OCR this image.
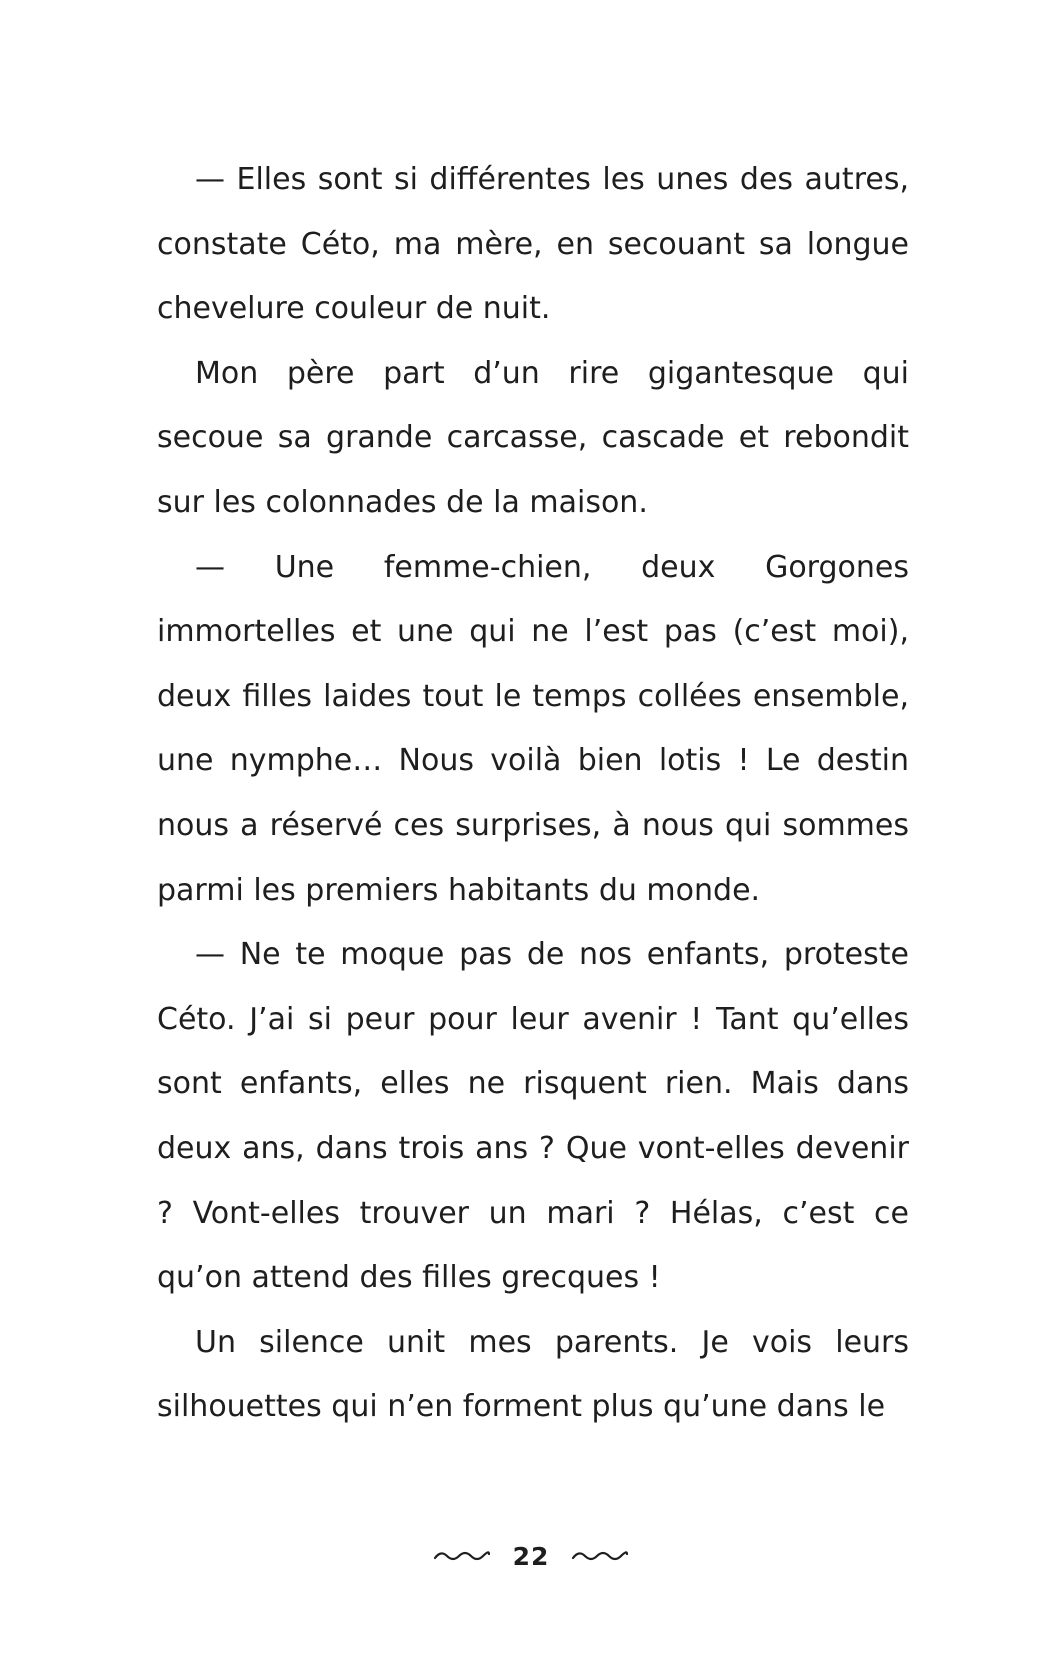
— Elles sont si différentes les unes des autres, constate Céto, ma mère, en secouant sa longue chevelure couleur de nuit.

Mon père part d’un rire gigantesque qui secoue sa grande carcasse, cascade et rebondit sur les colonnades de la maison.

— Une femme-chien, deux Gorgones immortelles et une qui ne l’est pas (c’est moi), deux filles laides tout le temps collées ensemble, une nymphe… Nous voilà bien lotis ! Le destin nous a réservé ces surprises, à nous qui sommes parmi les premiers habitants du monde.

— Ne te moque pas de nos enfants, proteste Céto. J’ai si peur pour leur avenir ! Tant qu’elles sont enfants, elles ne risquent rien. Mais dans deux ans, dans trois ans ? Que vont-elles devenir ? Vont-elles trouver un mari ? Hélas, c’est ce qu’on attend des filles grecques !

Un silence unit mes parents. Je vois leurs silhouettes qui n’en forment plus qu’une dans le

22
